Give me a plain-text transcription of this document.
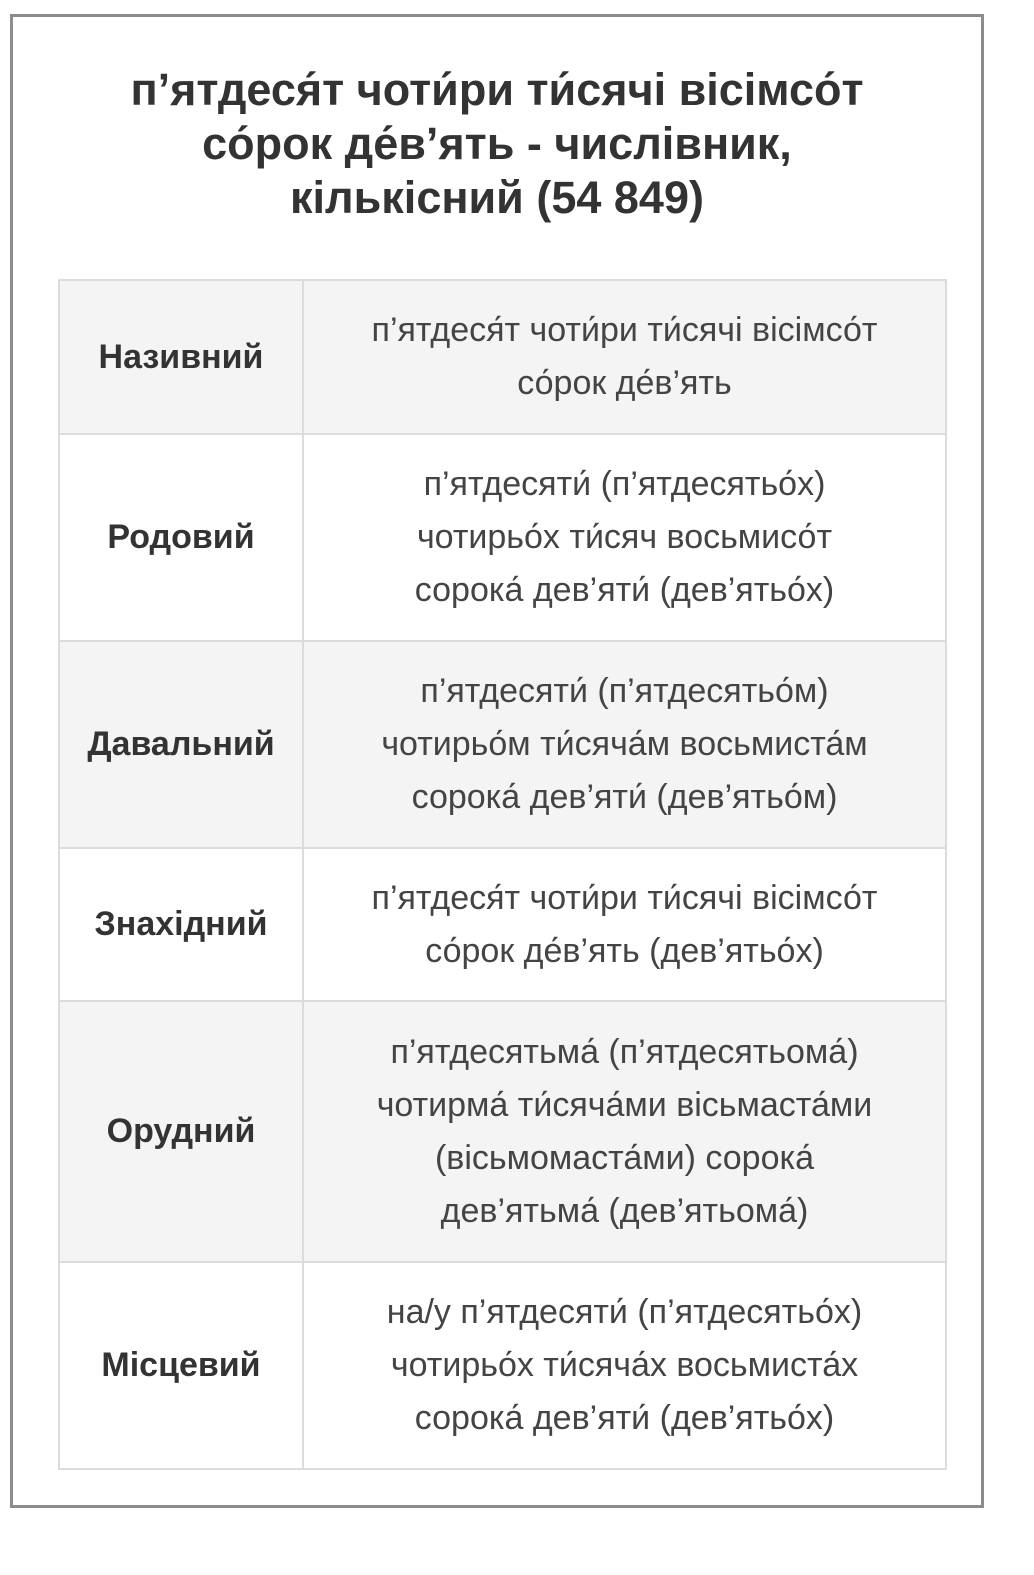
п’ятдеся́т чоти́ри ти́сячі вісімсо́т
со́рок де́в’ять - числівник,
кількісний (54 849)
Називний	п’ятдеся́т чоти́ри ти́сячі вісімсо́т
со́рок де́в’ять
Родовий	п’ятдесяти́ (п’ятдесятьо́х)
чотирьо́х ти́сяч восьмисо́т
сорока́ дев’яти́ (дев’ятьо́х)
Давальний	п’ятдесяти́ (п’ятдесятьо́м)
чотирьо́м ти́сяча́м восьмиста́м
сорока́ дев’яти́ (дев’ятьо́м)
Знахідний	п’ятдеся́т чоти́ри ти́сячі вісімсо́т
со́рок де́в’ять (дев’ятьо́х)
Орудний	п’ятдесятьма́ (п’ятдесятьома́)
чотирма́ ти́сяча́ми вісьмаста́ми
(вісьмомаста́ми) сорока́
дев’ятьма́ (дев’ятьома́)
Місцевий	на/у п’ятдесяти́ (п’ятдесятьо́х)
чотирьо́х ти́сяча́х восьмиста́х
сорока́ дев’яти́ (дев’ятьо́х)
